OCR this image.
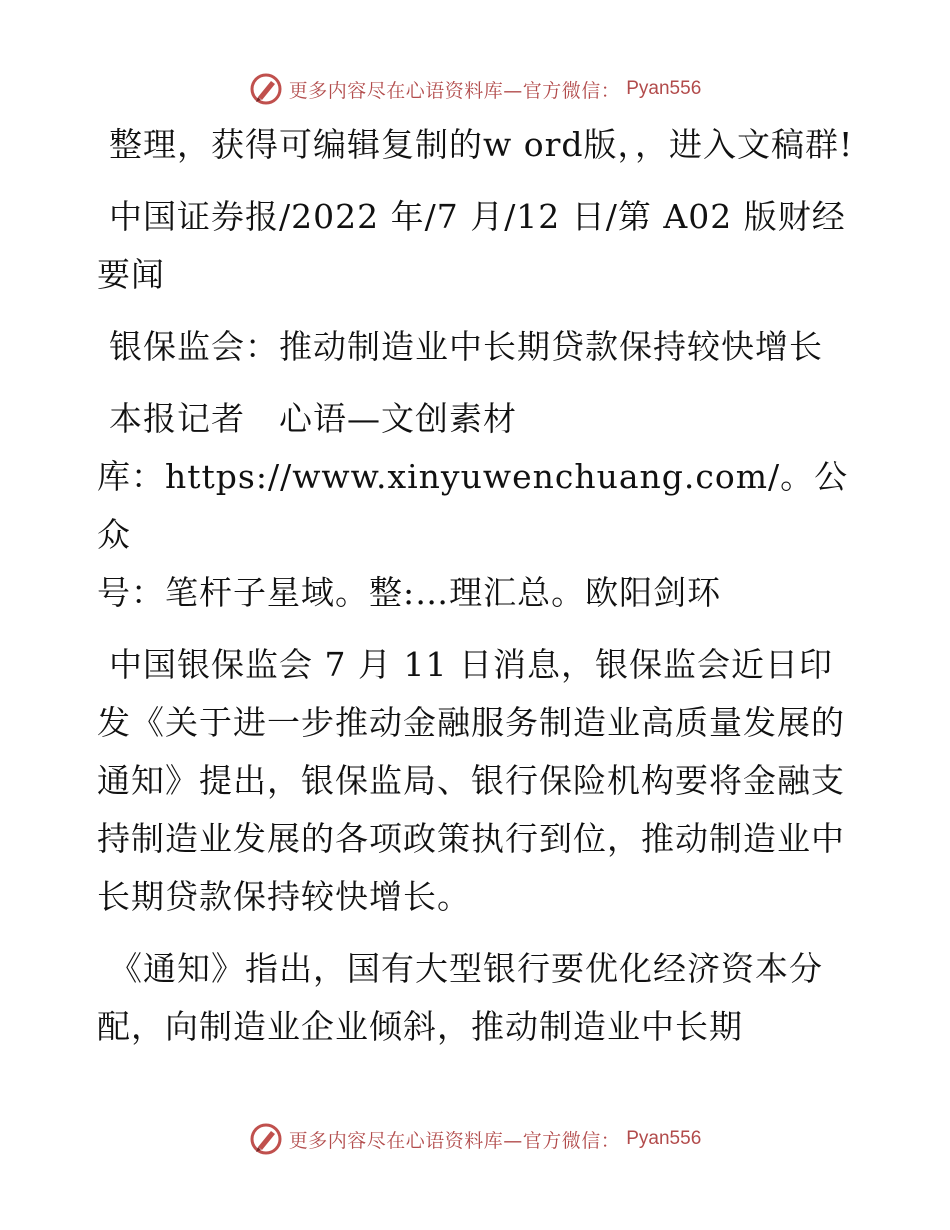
更多内容尽在心语资料库—官方微信： Pyan556

整理，获得可编辑复制的w ord版，，进入文稿群!

中国证券报/2022 年/7 月/12 日/第 A02 版财经要闻

银保监会：推动制造业中长期贷款保持较快增长

本报记者　心语—文创素材

库：https://www.xinyuwenchuang.com/。公众

号：笔杆子星域。整:…理汇总。欧阳剑环

中国银保监会 7 月 11 日消息，银保监会近日印发《关于进一步推动金融服务制造业高质量发展的通知》提出，银保监局、银行保险机构要将金融支持制造业发展的各项政策执行到位，推动制造业中长期贷款保持较快增长。

《通知》指出，国有大型银行要优化经济资本分配，向制造业企业倾斜，推动制造业中长期

更多内容尽在心语资料库—官方微信： Pyan556
